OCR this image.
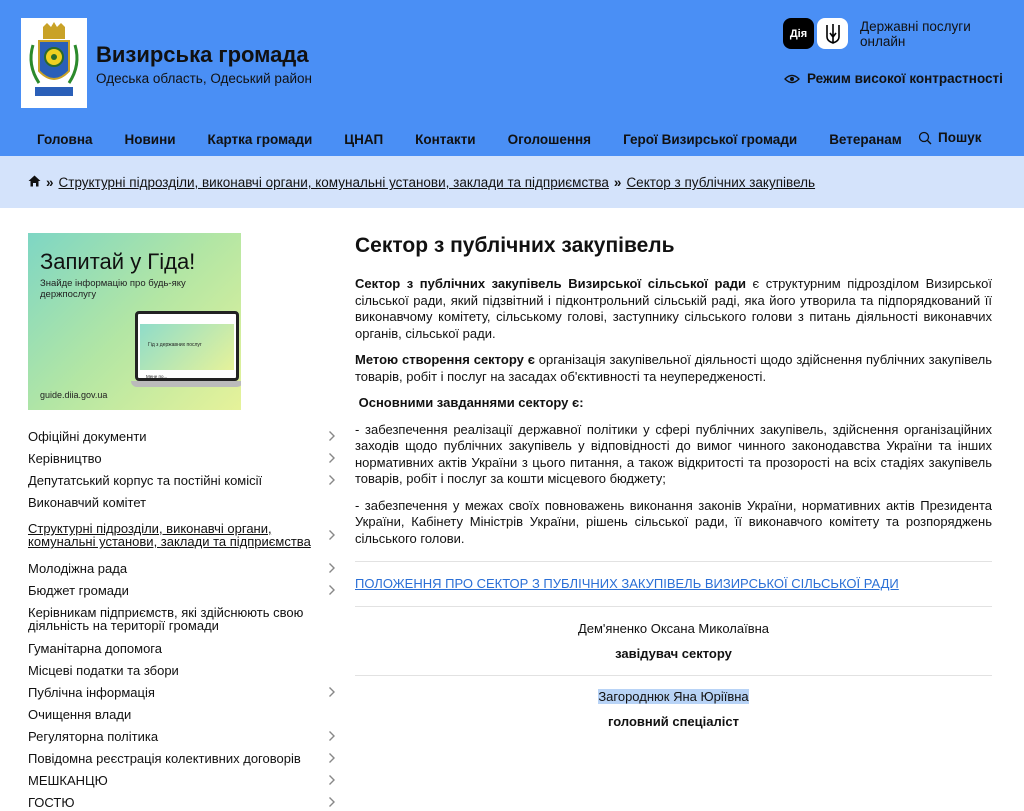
Визирська громада
Одеська область, Одеський район
Дія	Державні послуги
онлайн
Режим високої контрастності
Головна Новини Картка громади ЦНАП Контакти Оголошення Герої Визирської громади Ветеранам	Пошук
» Структурні підрозділи, виконавчі органи, комунальні установи, заклади та підприємства » Сектор з публічних закупівель
Запитай у Гіда!
Знайде інформацію про будь-яку держпослугу
Гід з державних послуг
Мене по...
guide.diia.gov.ua
Офіційні документи
Керівництво
Депутатський корпус та постійні комісії
Виконавчий комітет
Структурні підрозділи, виконавчі органи, комунальні установи, заклади та підприємства
Молодіжна рада
Бюджет громади
Керівникам підприємств, які здійснюють свою діяльність на території громади
Гуманітарна допомога
Місцеві податки та збори
Публічна інформація
Очищення влади
Регуляторна політика
Повідомна реєстрація колективних договорів
МЕШКАНЦЮ
ГОСТЮ
Сектор з публічних закупівель

Сектор з публічних закупівель Визирської сільської ради є структурним підрозділом Визирської сільської ради, який підзвітний і підконтрольний сільській раді, яка його утворила та підпорядкований її виконавчому комітету, сільському голові, заступнику сільського голови з питань діяльності виконавчих органів, сільської ради.

Метою створення сектору є організація закупівельної діяльності щодо здійснення публічних закупівель товарів, робіт і послуг на засадах об'єктивності та неупередженості.

Основними завданнями сектору є:

- забезпечення реалізації державної політики у сфері публічних закупівель, здійснення організаційних заходів щодо публічних закупівель у відповідності до вимог чинного законодавства України та інших нормативних актів України з цього питання, а також відкритості та прозорості на всіх стадіях закупівель товарів, робіт і послуг за кошти місцевого бюджету;

- забезпечення у межах своїх повноважень виконання законів України, нормативних актів Президента України, Кабінету Міністрів України, рішень сільської ради, її виконавчого комітету та розпоряджень сільського голови.

ПОЛОЖЕННЯ ПРО СЕКТОР З ПУБЛІЧНИХ ЗАКУПІВЕЛЬ ВИЗИРСЬКОЇ СІЛЬСЬКОЇ РАДИ
Дем'яненко Оксана Миколаївна
завідувач сектору
Загороднюк Яна Юріївна
головний спеціаліст
